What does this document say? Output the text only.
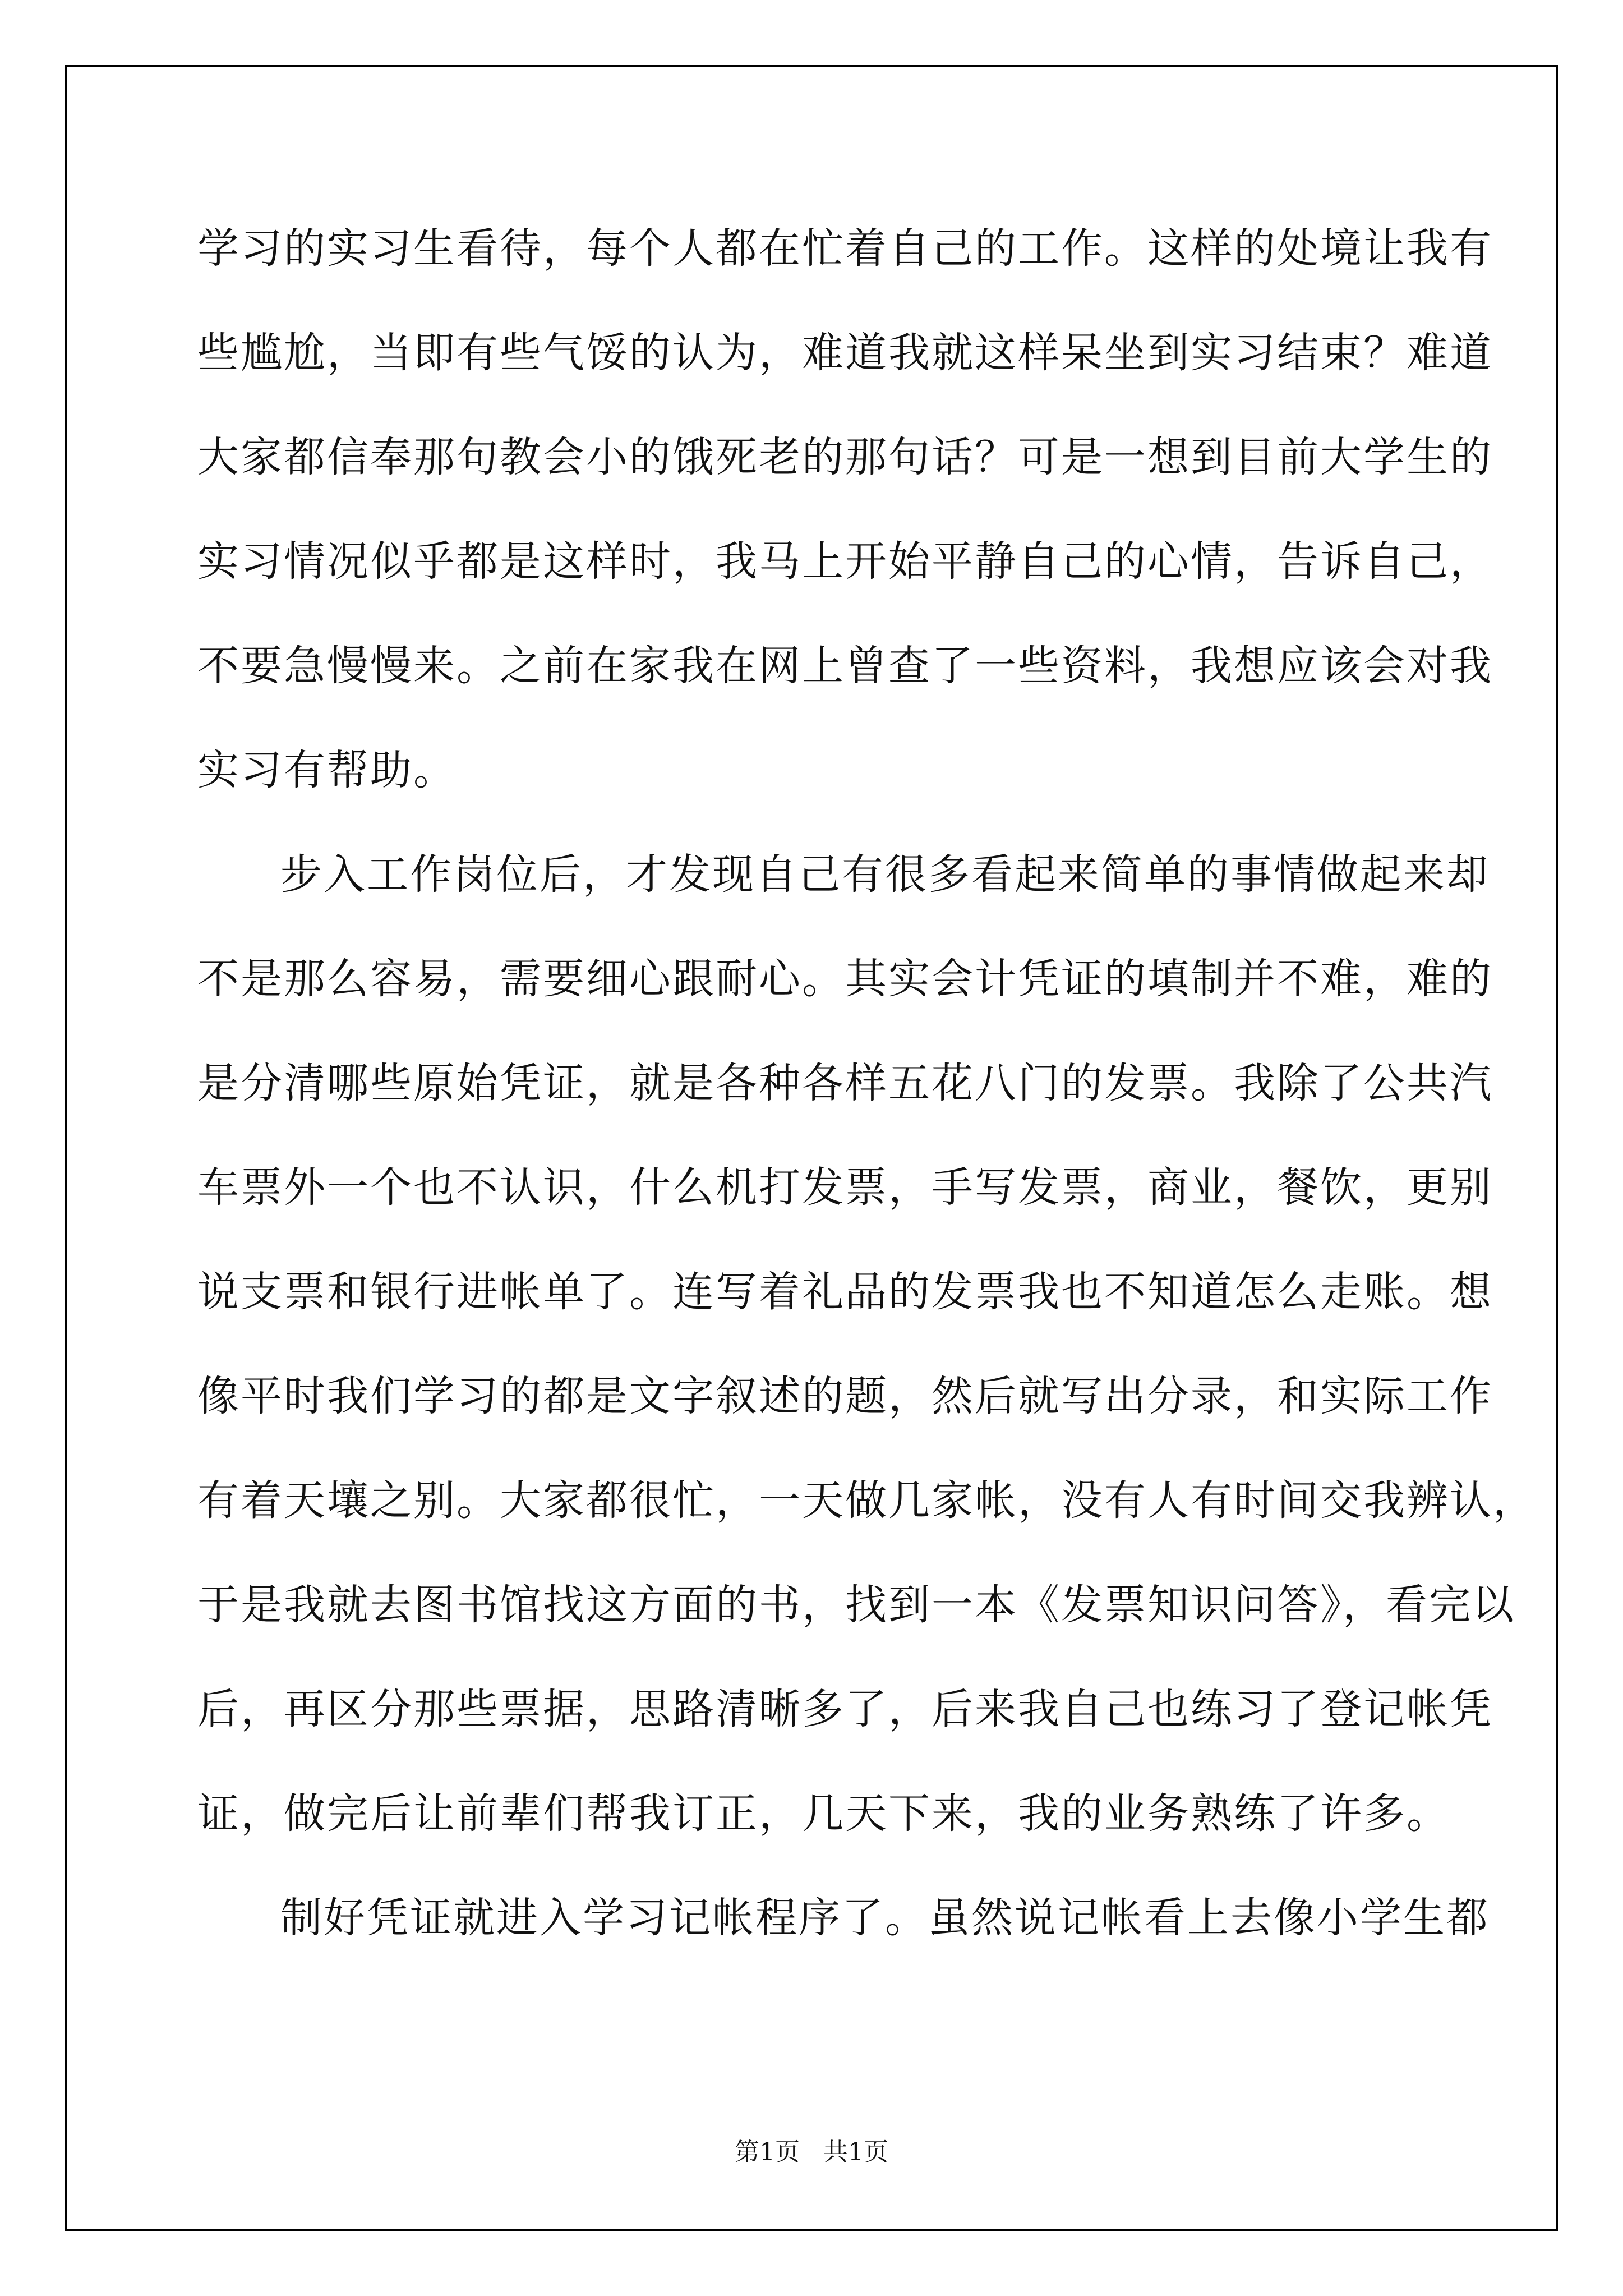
学习的实习生看待，每个人都在忙着自己的工作。这样的处境让我有
些尴尬，当即有些气馁的认为，难道我就这样呆坐到实习结束？难道
大家都信奉那句教会小的饿死老的那句话？可是一想到目前大学生的
实习情况似乎都是这样时，我马上开始平静自己的心情，告诉自己，
不要急慢慢来。之前在家我在网上曾查了一些资料，我想应该会对我
实习有帮助。
步入工作岗位后，才发现自己有很多看起来简单的事情做起来却
不是那么容易，需要细心跟耐心。其实会计凭证的填制并不难，难的
是分清哪些原始凭证，就是各种各样五花八门的发票。我除了公共汽
车票外一个也不认识，什么机打发票，手写发票，商业，餐饮，更别
说支票和银行进帐单了。连写着礼品的发票我也不知道怎么走账。想
像平时我们学习的都是文字叙述的题，然后就写出分录，和实际工作
有着天壤之别。大家都很忙，一天做几家帐，没有人有时间交我辨认，
于是我就去图书馆找这方面的书，找到一本《发票知识问答》，看完以
后，再区分那些票据，思路清晰多了，后来我自己也练习了登记帐凭
证，做完后让前辈们帮我订正，几天下来，我的业务熟练了许多。
制好凭证就进入学习记帐程序了。虽然说记帐看上去像小学生都
第1页   共1页
